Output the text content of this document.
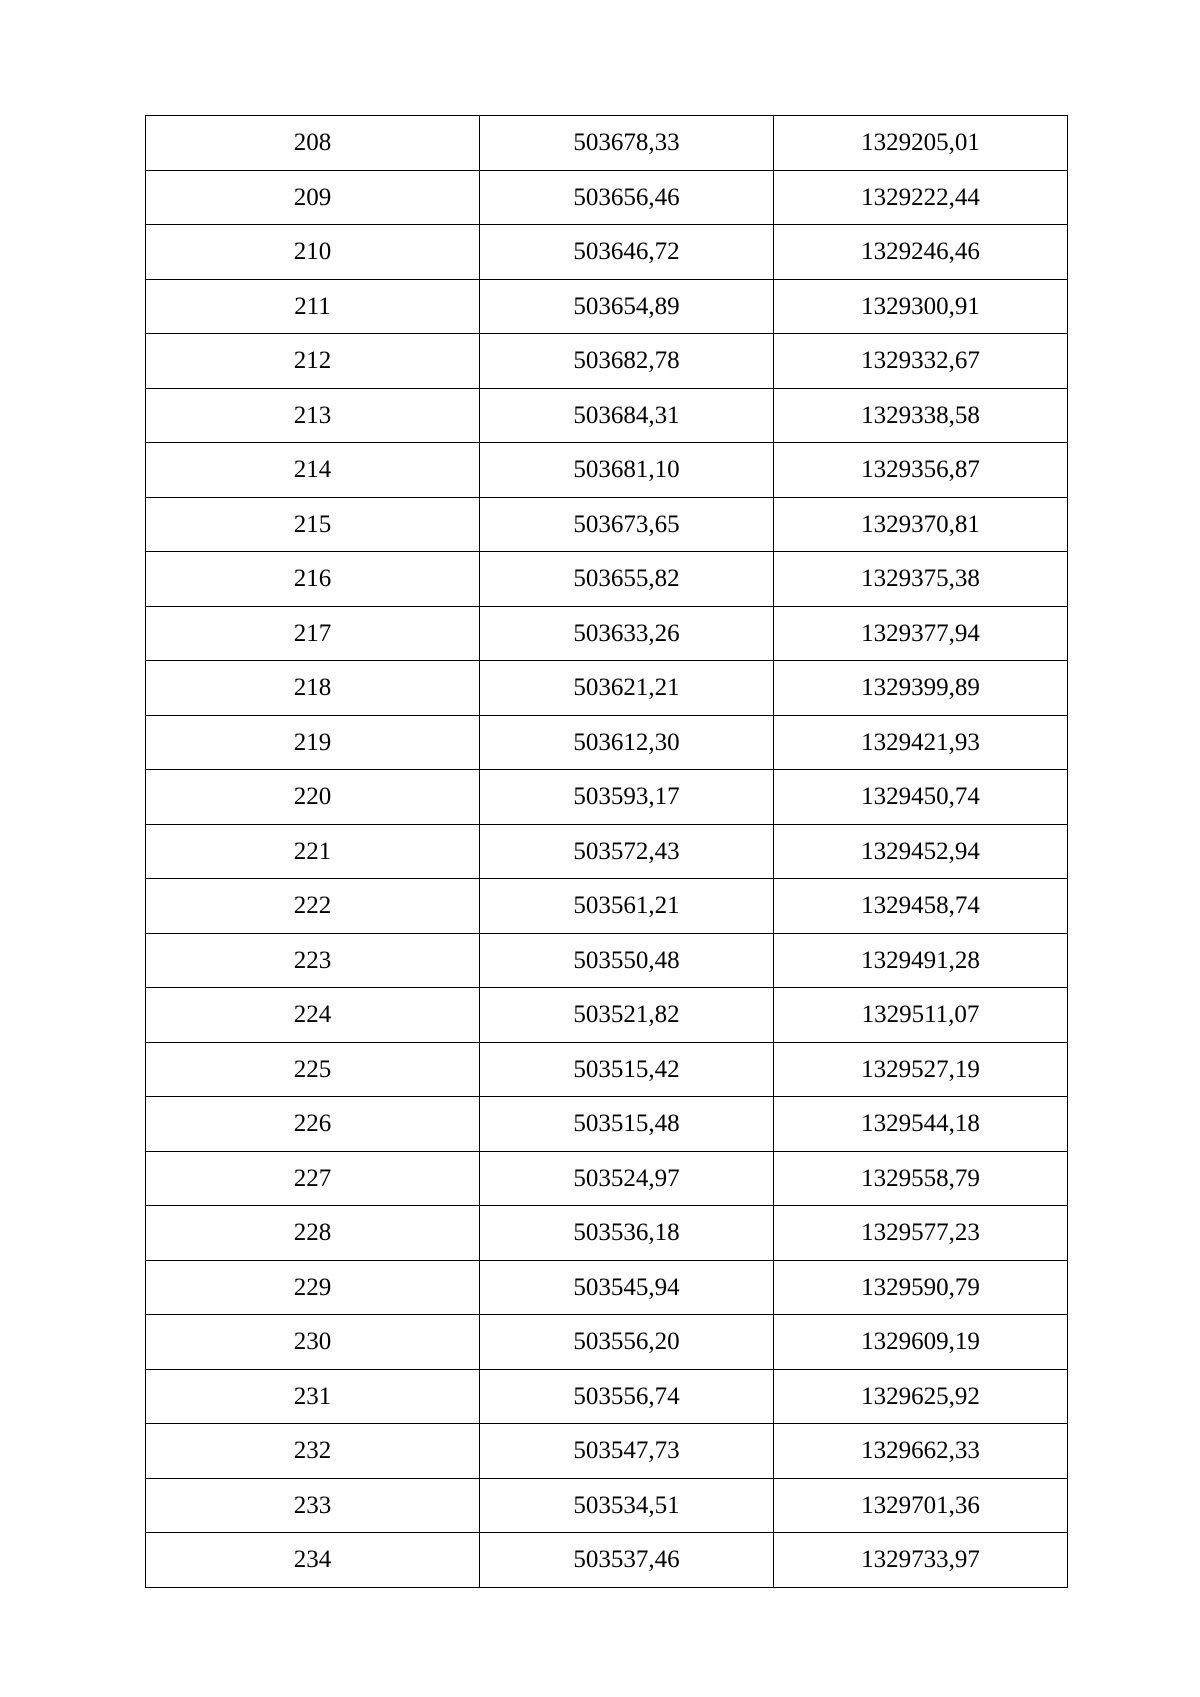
208	503678,33	1329205,01
209	503656,46	1329222,44
210	503646,72	1329246,46
211	503654,89	1329300,91
212	503682,78	1329332,67
213	503684,31	1329338,58
214	503681,10	1329356,87
215	503673,65	1329370,81
216	503655,82	1329375,38
217	503633,26	1329377,94
218	503621,21	1329399,89
219	503612,30	1329421,93
220	503593,17	1329450,74
221	503572,43	1329452,94
222	503561,21	1329458,74
223	503550,48	1329491,28
224	503521,82	1329511,07
225	503515,42	1329527,19
226	503515,48	1329544,18
227	503524,97	1329558,79
228	503536,18	1329577,23
229	503545,94	1329590,79
230	503556,20	1329609,19
231	503556,74	1329625,92
232	503547,73	1329662,33
233	503534,51	1329701,36
234	503537,46	1329733,97
